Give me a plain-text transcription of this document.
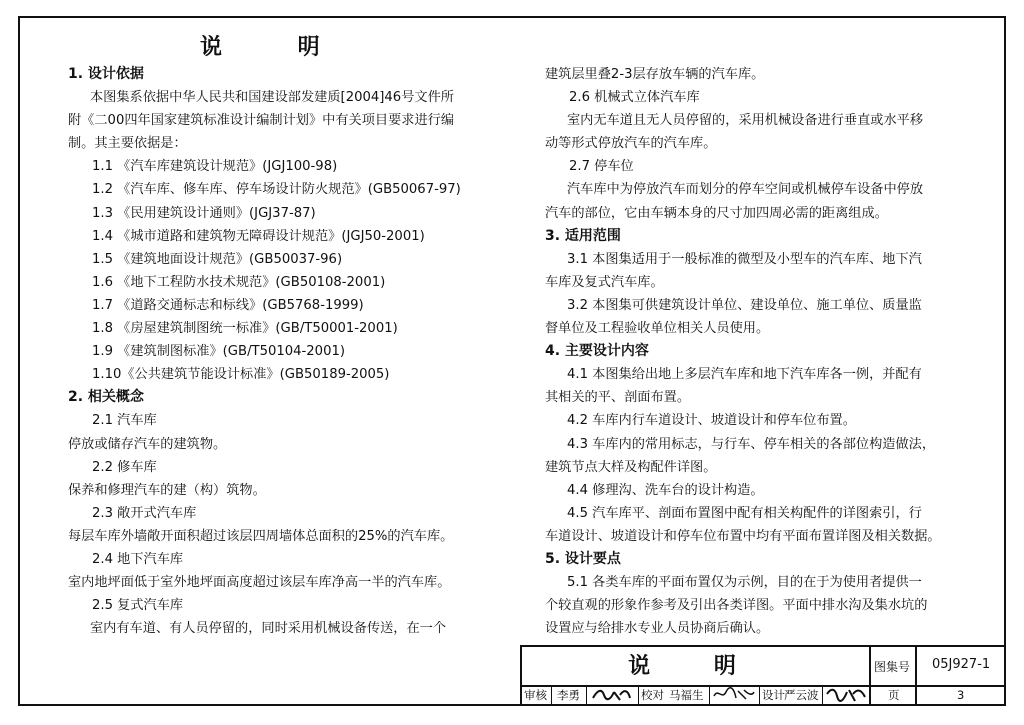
说 明
1. 设计依据
本图集系依据中华人民共和国建设部发建质[2004]46号文件所
附《二00四年国家建筑标准设计编制计划》中有关项目要求进行编
制。其主要依据是：
1.1 《汽车库建筑设计规范》(JGJ100-98)
1.2 《汽车库、修车库、停车场设计防火规范》(GB50067-97)
1.3 《民用建筑设计通则》(JGJ37-87)
1.4 《城市道路和建筑物无障碍设计规范》(JGJ50-2001)
1.5 《建筑地面设计规范》(GB50037-96)
1.6 《地下工程防水技术规范》(GB50108-2001)
1.7 《道路交通标志和标线》(GB5768-1999)
1.8 《房屋建筑制图统一标准》(GB/T50001-2001)
1.9 《建筑制图标准》(GB/T50104-2001)
1.10《公共建筑节能设计标准》(GB50189-2005)
2. 相关概念
2.1 汽车库
停放或储存汽车的建筑物。
2.2 修车库
保养和修理汽车的建（构）筑物。
2.3 敞开式汽车库
每层车库外墙敞开面积超过该层四周墙体总面积的25%的汽车库。
2.4 地下汽车库
室内地坪面低于室外地坪面高度超过该层车库净高一半的汽车库。
2.5 复式汽车库
室内有车道、有人员停留的，同时采用机械设备传送，在一个
建筑层里叠2-3层存放车辆的汽车库。
2.6 机械式立体汽车库
室内无车道且无人员停留的，采用机械设备进行垂直或水平移
动等形式停放汽车的汽车库。
2.7 停车位
汽车库中为停放汽车而划分的停车空间或机械停车设备中停放
汽车的部位，它由车辆本身的尺寸加四周必需的距离组成。
3. 适用范围
3.1 本图集适用于一般标准的微型及小型车的汽车库、地下汽
车库及复式汽车库。
3.2 本图集可供建筑设计单位、建设单位、施工单位、质量监
督单位及工程验收单位相关人员使用。
4. 主要设计内容
4.1 本图集给出地上多层汽车库和地下汽车库各一例，并配有
其相关的平、剖面布置。
4.2 车库内行车道设计、坡道设计和停车位布置。
4.3 车库内的常用标志，与行车、停车相关的各部位构造做法，
建筑节点大样及构配件详图。
4.4 修理沟、洗车台的设计构造。
4.5 汽车库平、剖面布置图中配有相关构配件的详图索引，行
车道设计、坡道设计和停车位布置中均有平面布置详图及相关数据。
5. 设计要点
5.1 各类车库的平面布置仅为示例，目的在于为使用者提供一
个较直观的形象作参考及引出各类详图。平面中排水沟及集水坑的
设置应与给排水专业人员协商后确认。
说 明	图集号 05J927-1
审核 李勇	校对 马福生	设计 严云波	页	3
